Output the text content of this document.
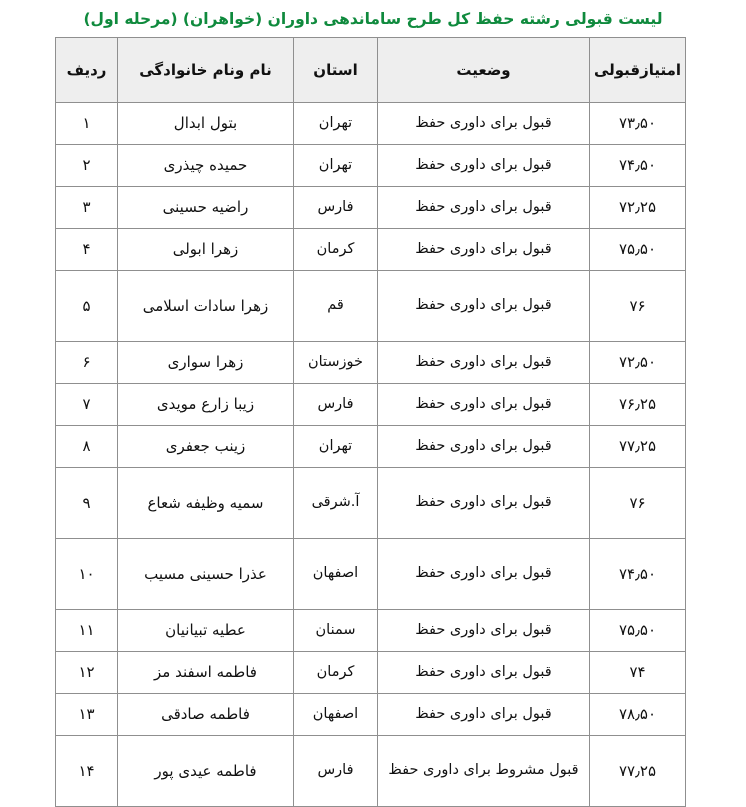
لیست قبولی رشته حفظ کل طرح ساماندهی داوران (خواهران) (مرحله اول)
امتیازقبولی	وضعیت	استان	نام ونام خانوادگی	ردیف
۷۳٫۵۰	قبول برای داوری حفظ	تهران	بتول ابدال	۱
۷۴٫۵۰	قبول برای داوری حفظ	تهران	حمیده چیذری	۲
۷۲٫۲۵	قبول برای داوری حفظ	فارس	راضیه حسینی	۳
۷۵٫۵۰	قبول برای داوری حفظ	کرمان	زهرا ابولی	۴
۷۶	قبول برای داوری حفظ	قم	زهرا سادات اسلامی	۵
۷۲٫۵۰	قبول برای داوری حفظ	خوزستان	زهرا سواری	۶
۷۶٫۲۵	قبول برای داوری حفظ	فارس	زیبا زارع مویدی	۷
۷۷٫۲۵	قبول برای داوری حفظ	تهران	زینب جعفری	۸
۷۶	قبول برای داوری حفظ	آ.شرقی	سمیه وظیفه شعاع	۹
۷۴٫۵۰	قبول برای داوری حفظ	اصفهان	عذرا حسینی مسیب	۱۰
۷۵٫۵۰	قبول برای داوری حفظ	سمنان	عطیه تبیانیان	۱۱
۷۴	قبول برای داوری حفظ	کرمان	فاطمه اسفند مز	۱۲
۷۸٫۵۰	قبول برای داوری حفظ	اصفهان	فاطمه صادقی	۱۳
۷۷٫۲۵	قبول مشروط برای داوری حفظ	فارس	فاطمه عیدی پور	۱۴
